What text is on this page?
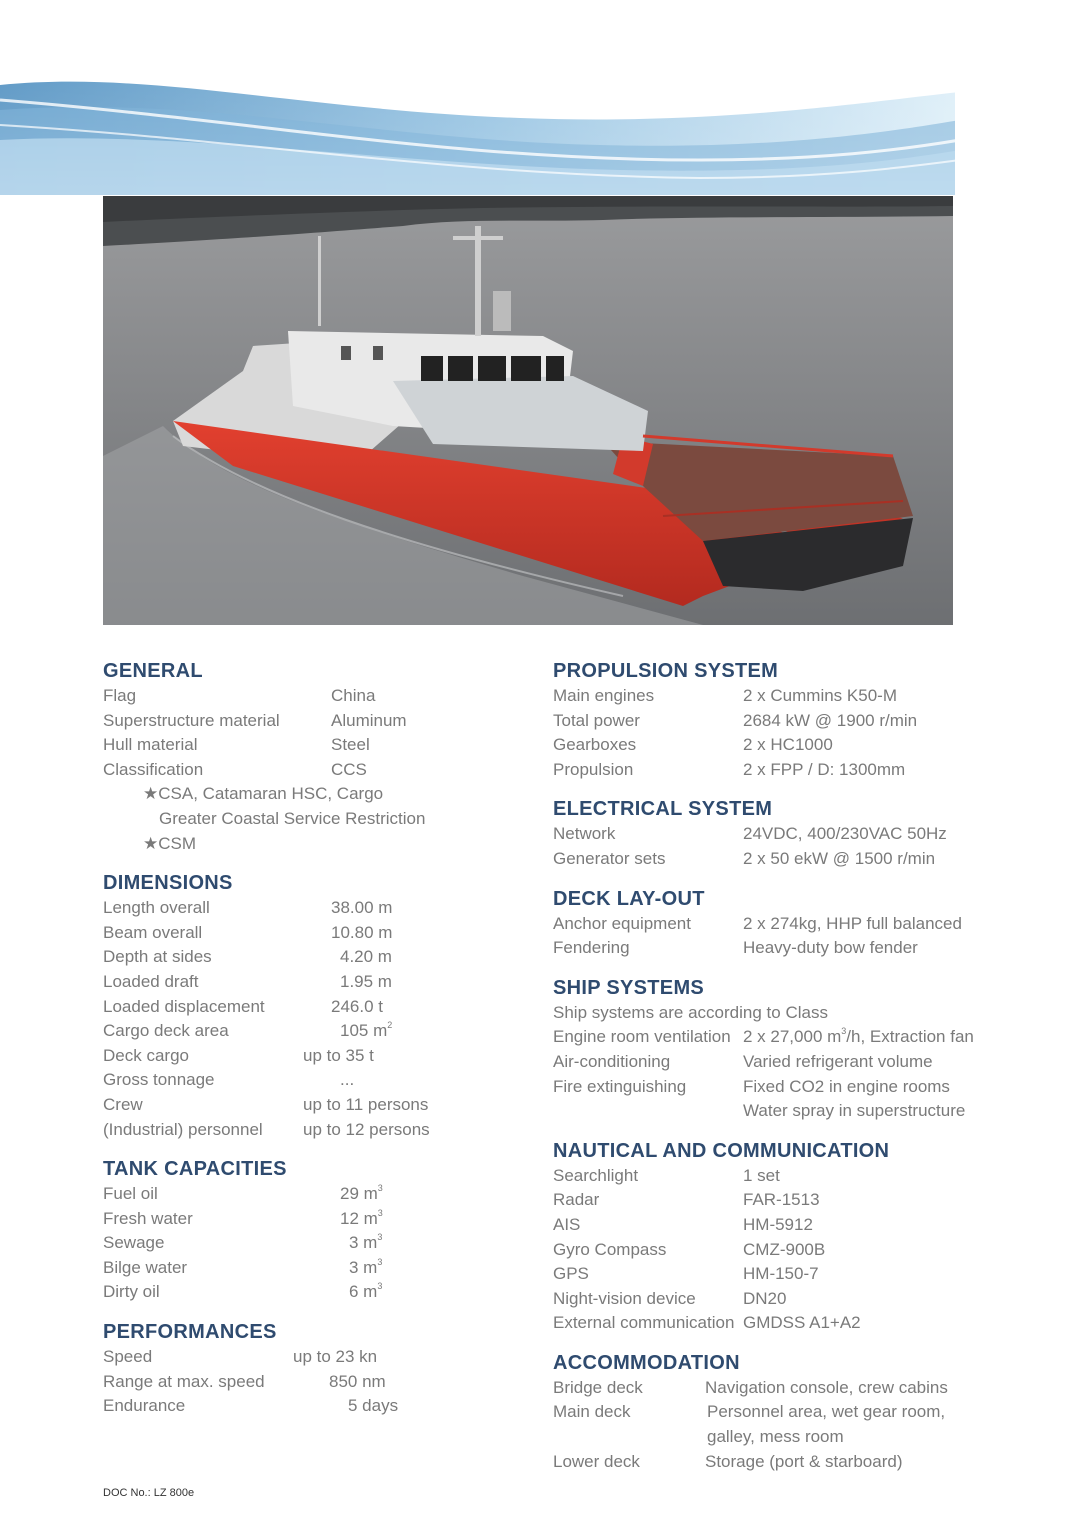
GENERAL
Flag	China
Superstructure material	Aluminum
Hull material	Steel
Classification	CCS
★CSA, Catamaran HSC, Cargo
Greater Coastal Service Restriction
★CSM
DIMENSIONS
Length overall	38.00 m
Beam overall	10.80 m
Depth at sides	4.20 m
Loaded draft	1.95 m
Loaded displacement	246.0 t
Cargo deck area	105 $m^2$
Deck cargo	up to 35 t
Gross tonnage	...
Crew	up to 11 persons
(Industrial) personnel up to 12 persons
TANK CAPACITIES
Fuel oil	29 $m^3$
Fresh water	12 $m^3$
Sewage	3 $m^3$
Bilge water	3 $m^3$
Dirty oil	6 $m^3$
PERFORMANCES
Speed	up to 23 kn
Range at max. speed	850 nm
Endurance	5 days
PROPULSION SYSTEM
Main engines	2 x Cummins K50-M
Total power	2684 kW @ 1900 r/min
Gearboxes	2 x HC1000
Propulsion	2 x FPP / D: 1300mm
ELECTRICAL SYSTEM
Network	24VDC, 400/230VAC 50Hz
Generator sets	2 x 50 ekW @ 1500 r/min
DECK LAY-OUT
Anchor equipment	2 x 274kg, HHP full balanced
Fendering	Heavy-duty bow fender
SHIP SYSTEMS
Ship systems are according to Class
Engine room ventilation 2 x 27,000 $m^3/h$, Extraction fan
Air-conditioning	Varied refrigerant volume
Fire extinguishing	Fixed CO2 in engine rooms
Water spray in superstructure
NAUTICAL AND COMMUNICATION
Searchlight	1 set
Radar	FAR-1513
AIS	HM-5912
Gyro Compass	CMZ-900B
GPS	HM-150-7
Night-vision device	DN20
External communication GMDSS A1+A2
ACCOMMODATION
Bridge deck	Navigation console, crew cabins
Main deck	Personnel area, wet gear room,
galley, mess room
Lower deck	Storage (port & starboard)
DOC No.: LZ 800e
